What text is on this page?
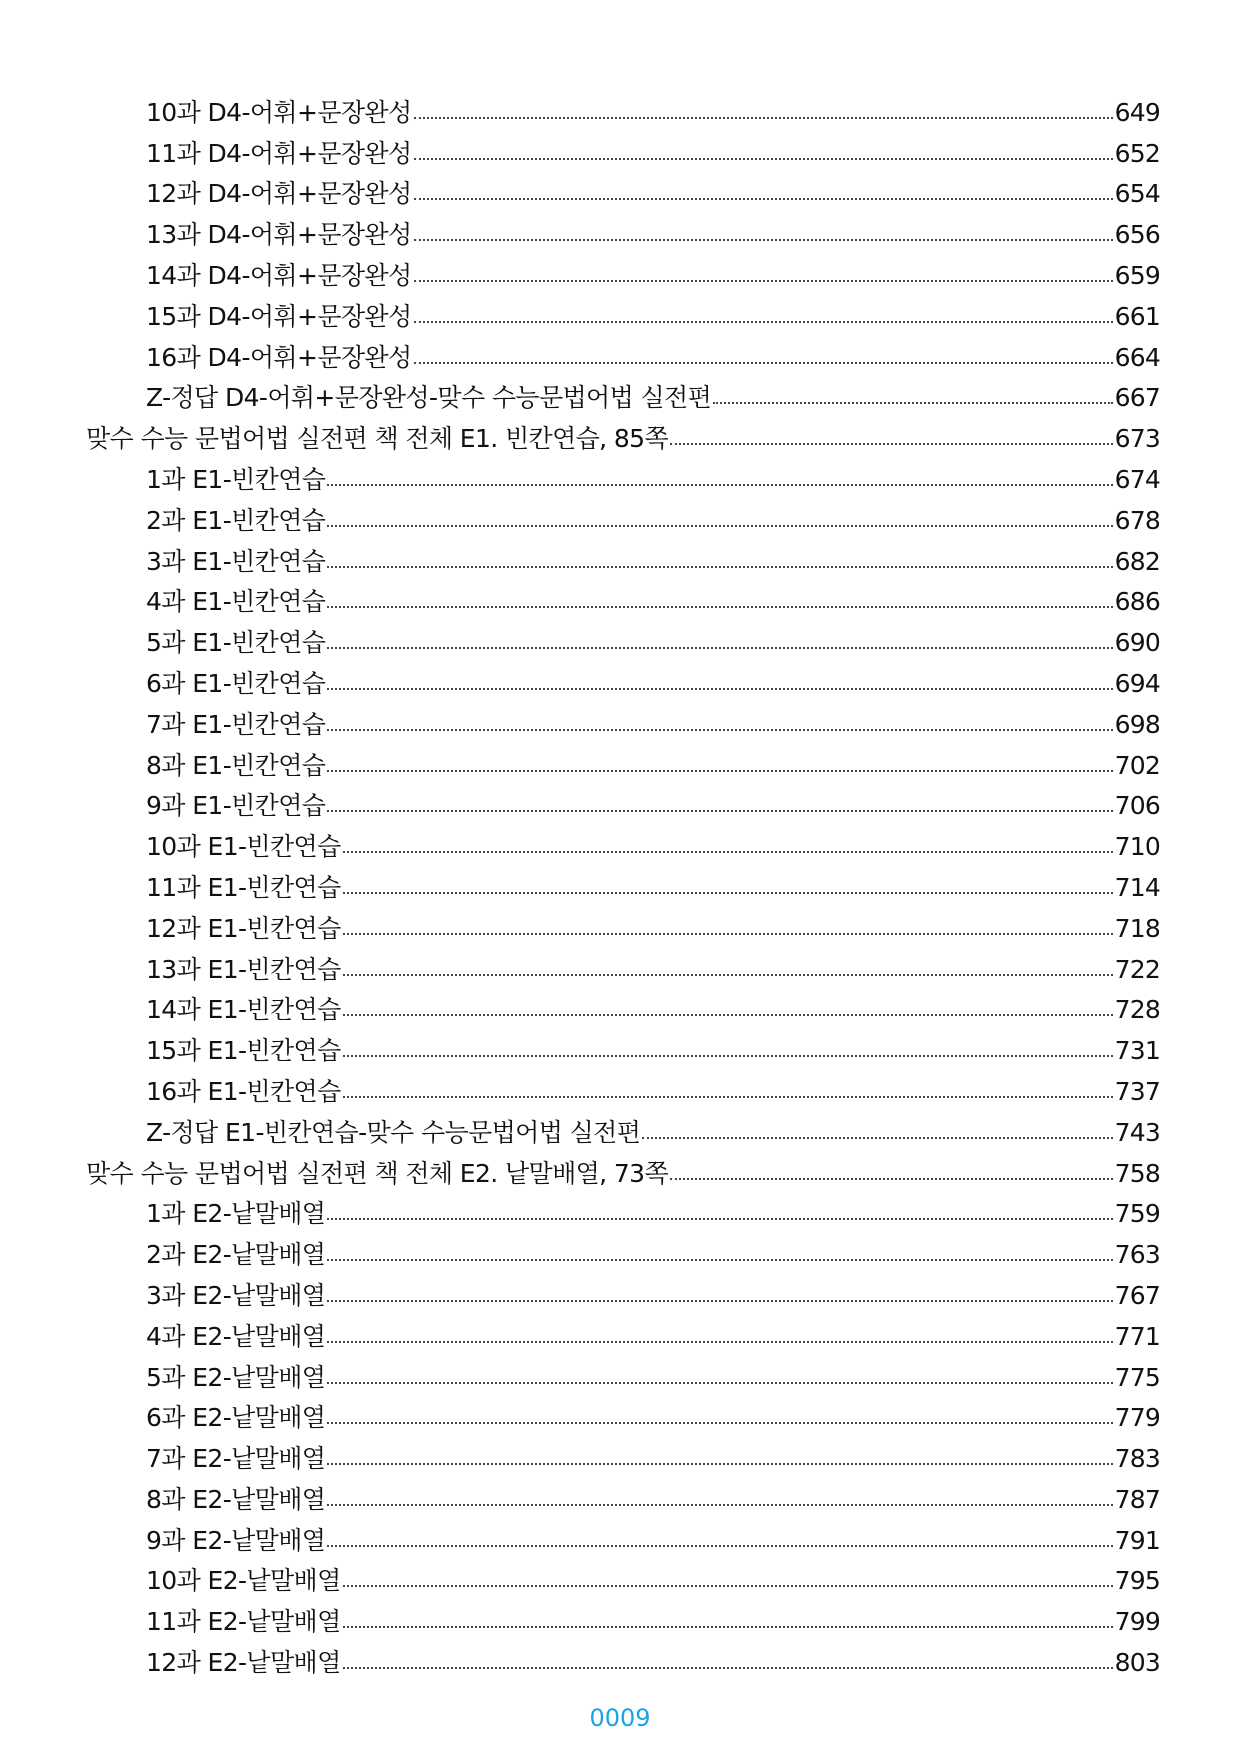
10과 D4-어휘+문장완성	649
11과 D4-어휘+문장완성	652
12과 D4-어휘+문장완성	654
13과 D4-어휘+문장완성	656
14과 D4-어휘+문장완성	659
15과 D4-어휘+문장완성	661
16과 D4-어휘+문장완성	664
Z-정답 D4-어휘+문장완성-맞수 수능문법어법 실전편	667
맞수 수능 문법어법 실전편 책 전체 E1. 빈칸연습, 85쪽	673
1과 E1-빈칸연습	674
2과 E1-빈칸연습	678
3과 E1-빈칸연습	682
4과 E1-빈칸연습	686
5과 E1-빈칸연습	690
6과 E1-빈칸연습	694
7과 E1-빈칸연습	698
8과 E1-빈칸연습	702
9과 E1-빈칸연습	706
10과 E1-빈칸연습	710
11과 E1-빈칸연습	714
12과 E1-빈칸연습	718
13과 E1-빈칸연습	722
14과 E1-빈칸연습	728
15과 E1-빈칸연습	731
16과 E1-빈칸연습	737
Z-정답 E1-빈칸연습-맞수 수능문법어법 실전편	743
맞수 수능 문법어법 실전편 책 전체 E2. 낱말배열, 73쪽	758
1과 E2-낱말배열	759
2과 E2-낱말배열	763
3과 E2-낱말배열	767
4과 E2-낱말배열	771
5과 E2-낱말배열	775
6과 E2-낱말배열	779
7과 E2-낱말배열	783
8과 E2-낱말배열	787
9과 E2-낱말배열	791
10과 E2-낱말배열	795
11과 E2-낱말배열	799
12과 E2-낱말배열	803
0009
